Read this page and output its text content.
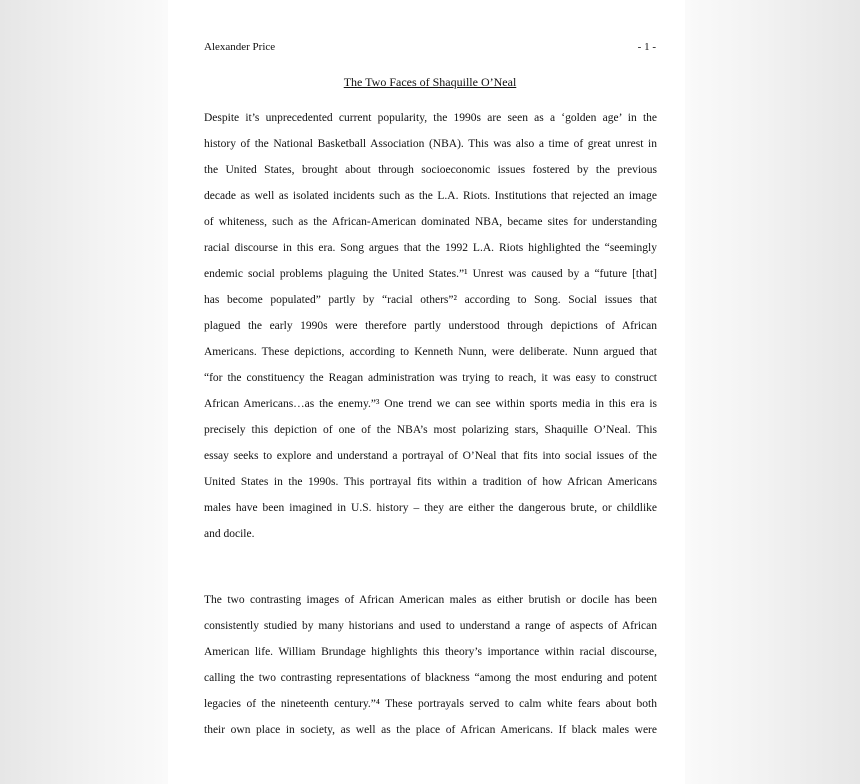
Alexander Price	- 1 -
The Two Faces of Shaquille O’Neal
Despite it’s unprecedented current popularity, the 1990s are seen as a ‘golden age’ in the
history of the National Basketball Association (NBA). This was also a time of great unrest in
the United States, brought about through socioeconomic issues fostered by the previous
decade as well as isolated incidents such as the L.A. Riots. Institutions that rejected an image
of whiteness, such as the African-American dominated NBA, became sites for understanding
racial discourse in this era. Song argues that the 1992 L.A. Riots highlighted the “seemingly
endemic social problems plaguing the United States.”¹ Unrest was caused by a “future [that]
has become populated” partly by “racial others”² according to Song. Social issues that
plagued the early 1990s were therefore partly understood through depictions of African
Americans. These depictions, according to Kenneth Nunn, were deliberate. Nunn argued that
“for the constituency the Reagan administration was trying to reach, it was easy to construct
African Americans…as the enemy.”³ One trend we can see within sports media in this era is
precisely this depiction of one of the NBA’s most polarizing stars, Shaquille O’Neal. This
essay seeks to explore and understand a portrayal of O’Neal that fits into social issues of the
United States in the 1990s. This portrayal fits within a tradition of how African Americans
males have been imagined in U.S. history – they are either the dangerous brute, or childlike
and docile.
The two contrasting images of African American males as either brutish or docile has been
consistently studied by many historians and used to understand a range of aspects of African
American life. William Brundage highlights this theory’s importance within racial discourse,
calling the two contrasting representations of blackness “among the most enduring and potent
legacies of the nineteenth century.”⁴ These portrayals served to calm white fears about both
their own place in society, as well as the place of African Americans. If black males were
